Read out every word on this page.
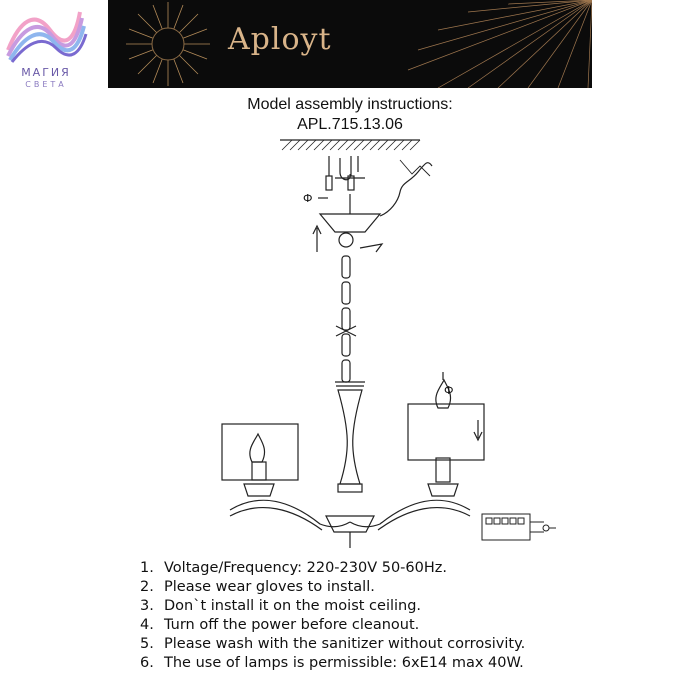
МАГИЯ
СВЕТА
Aployt
Model assembly instructions:
APL.715.13.06
Ф
Ф
1. Voltage/Frequency: 220-230V 50-60Hz.
2. Please wear gloves to install.
3. Don`t install it on the moist ceiling.
4. Turn off the power before cleanout.
5. Please wash with the sanitizer without corrosivity.
6. The use of lamps is permissible: 6xE14 max 40W.
